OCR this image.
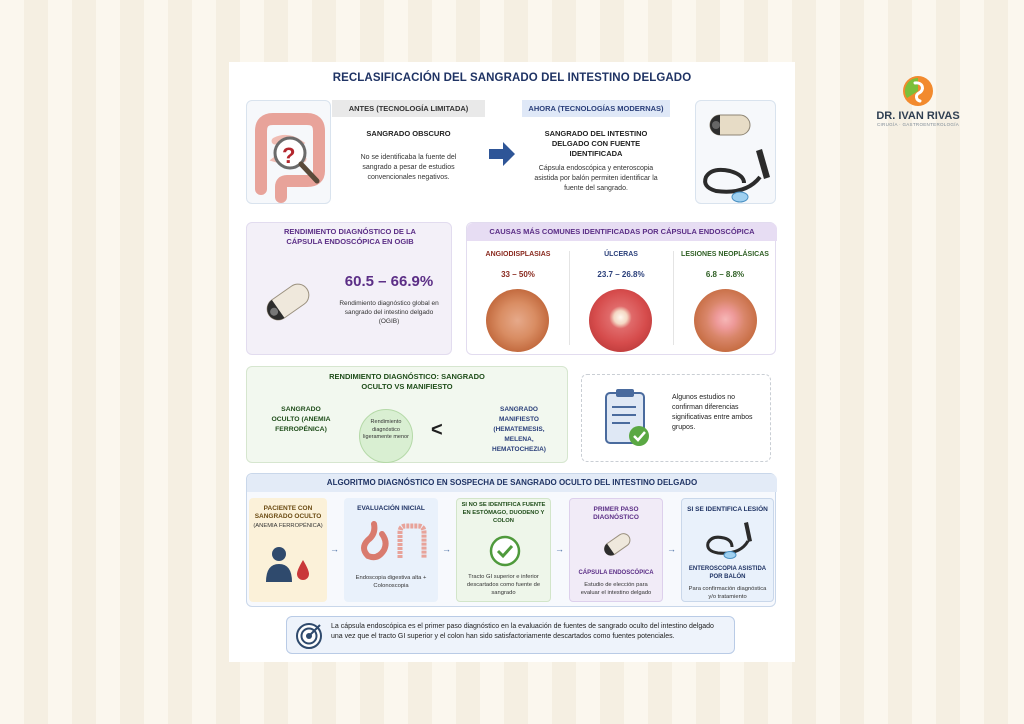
DR. IVAN RIVAS
CIRUGÍA · GASTROENTEROLOGÍA
RECLASIFICACIÓN DEL SANGRADO DEL INTESTINO DELGADO
?
ANTES (TECNOLOGÍA LIMITADA)
SANGRADO OBSCURO
No se identificaba la fuente del sangrado a pesar de estudios convencionales negativos.
AHORA (TECNOLOGÍAS MODERNAS)
SANGRADO DEL INTESTINO DELGADO CON FUENTE IDENTIFICADA
Cápsula endoscópica y enteroscopia asistida por balón permiten identificar la fuente del sangrado.
RENDIMIENTO DIAGNÓSTICO DE LA CÁPSULA ENDOSCÓPICA EN OGIB
60.5 – 66.9%
Rendimiento diagnóstico global en sangrado del intestino delgado (OGIB)
CAUSAS MÁS COMUNES IDENTIFICADAS POR CÁPSULA ENDOSCÓPICA
ANGIODISPLASIAS
33 – 50%
ÚLCERAS
23.7 – 26.8%
LESIONES NEOPLÁSICAS
6.8 – 8.8%
RENDIMIENTO DIAGNÓSTICO: SANGRADO OCULTO VS MANIFIESTO
SANGRADO OCULTO (ANEMIA FERROPÉNICA)
Rendimiento diagnóstico ligeramente menor <
SANGRADO MANIFIESTO (HEMATEMESIS, MELENA, HEMATOCHEZIA)
Algunos estudios no confirman diferencias significativas entre ambos grupos.
ALGORITMO DIAGNÓSTICO EN SOSPECHA DE SANGRADO OCULTO DEL INTESTINO DELGADO
PACIENTE CON SANGRADO OCULTO
(ANEMIA FERROPÉNICA)
→
EVALUACIÓN INICIAL
Endoscopia digestiva alta + Colonoscopia
→
SI NO SE IDENTIFICA FUENTE EN ESTÓMAGO, DUODENO Y COLON
Tracto GI superior e inferior descartados como fuente de sangrado
→
PRIMER PASO DIAGNÓSTICO
CÁPSULA ENDOSCÓPICA
Estudio de elección para evaluar el intestino delgado
→
SI SE IDENTIFICA LESIÓN
ENTEROSCOPIA ASISTIDA POR BALÓN
Para confirmación diagnóstica y/o tratamiento
La cápsula endoscópica es el primer paso diagnóstico en la evaluación de fuentes de sangrado oculto del intestino delgado una vez que el tracto GI superior y el colon han sido satisfactoriamente descartados como fuentes potenciales.
